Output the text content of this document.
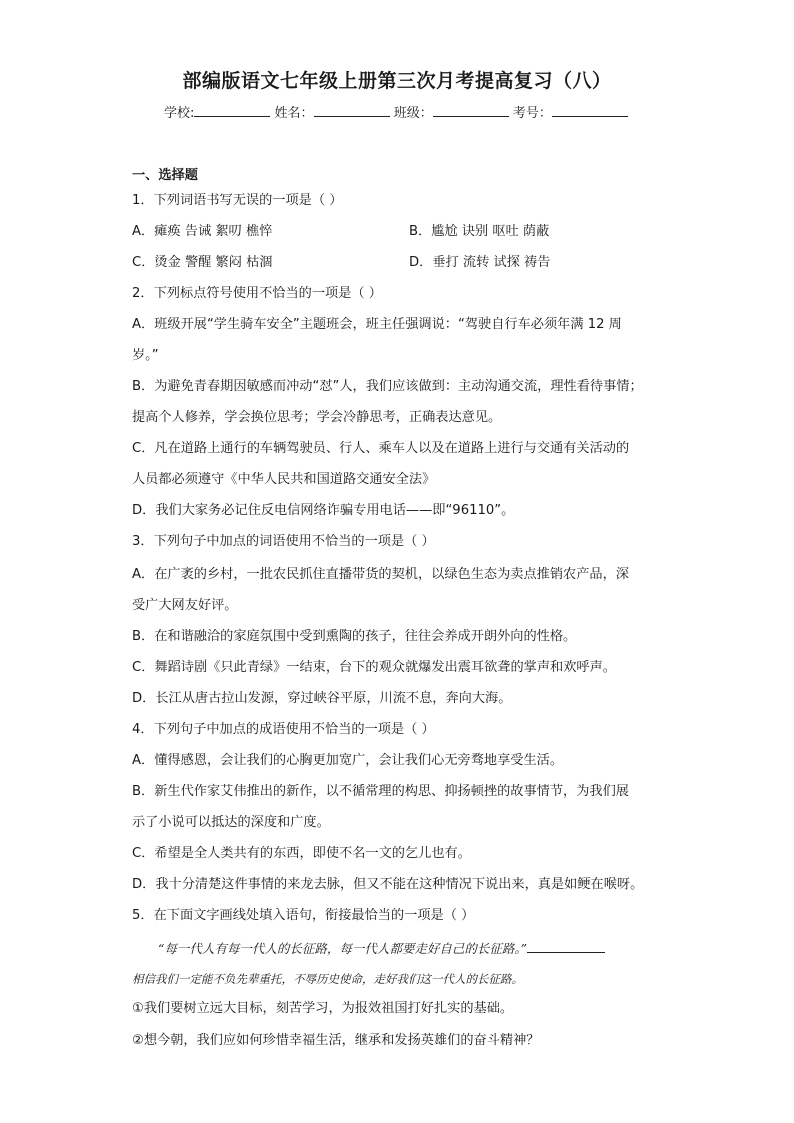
部编版语文七年级上册第三次月考提高复习（八）
学校:	姓名：	班级：	考号：
一、选择题
1．下列词语书写无误的一项是（ ）
A．瘫痪 告诫 絮叨 樵悴	B．尴尬 诀别 呕吐 荫蔽
C．烫金 警醒 繁闷 枯涸	D．垂打 流转 试探 祷告
2．下列标点符号使用不恰当的一项是（ ）
A．班级开展“学生骑车安全”主题班会，班主任强调说：“驾驶自行车必须年满 12 周
岁。”
B．为避免青春期因敏感而冲动“怼”人，我们应该做到：主动沟通交流，理性看待事情；
提高个人修养，学会换位思考；学会冷静思考，正确表达意见。
C．凡在道路上通行的车辆驾驶员、行人、乘车人以及在道路上进行与交通有关活动的
人员都必须遵守《中华人民共和国道路交通安全法》
D．我们大家务必记住反电信网络诈骗专用电话——即“96110”。
3．下列句子中加点的词语使用不恰当的一项是（ ）
A．在广袤的乡村，一批农民抓住直播带货的契机，以绿色生态为卖点推销农产品，深
受广大网友好评。
B．在和谐融洽的家庭氛围中受到熏陶的孩子，往往会养成开朗外向的性格。
C．舞蹈诗剧《只此青绿》一结束，台下的观众就爆发出震耳欲聋的掌声和欢呼声。
D．长江从唐古拉山发源，穿过峡谷平原，川流不息，奔向大海。
4．下列句子中加点的成语使用不恰当的一项是（ ）
A．懂得感恩，会让我们的心胸更加宽广，会让我们心无旁骛地享受生活。
B．新生代作家艾伟推出的新作，以不循常理的构思、抑扬顿挫的故事情节，为我们展
示了小说可以抵达的深度和广度。
C．希望是全人类共有的东西，即使不名一文的乞儿也有。
D．我十分清楚这件事情的来龙去脉，但又不能在这种情况下说出来，真是如鲠在喉呀。
5．在下面文字画线处填入语句，衔接最恰当的一项是（ ）
“每一代人有每一代人的长征路，每一代人都要走好自己的长征路。”
相信我们一定能不负先辈重托，不辱历史使命，走好我们这一代人的长征路。
①我们要树立远大目标，刻苦学习，为报效祖国打好扎实的基础。
②想今朝，我们应如何珍惜幸福生活，继承和发扬英雄们的奋斗精神？
